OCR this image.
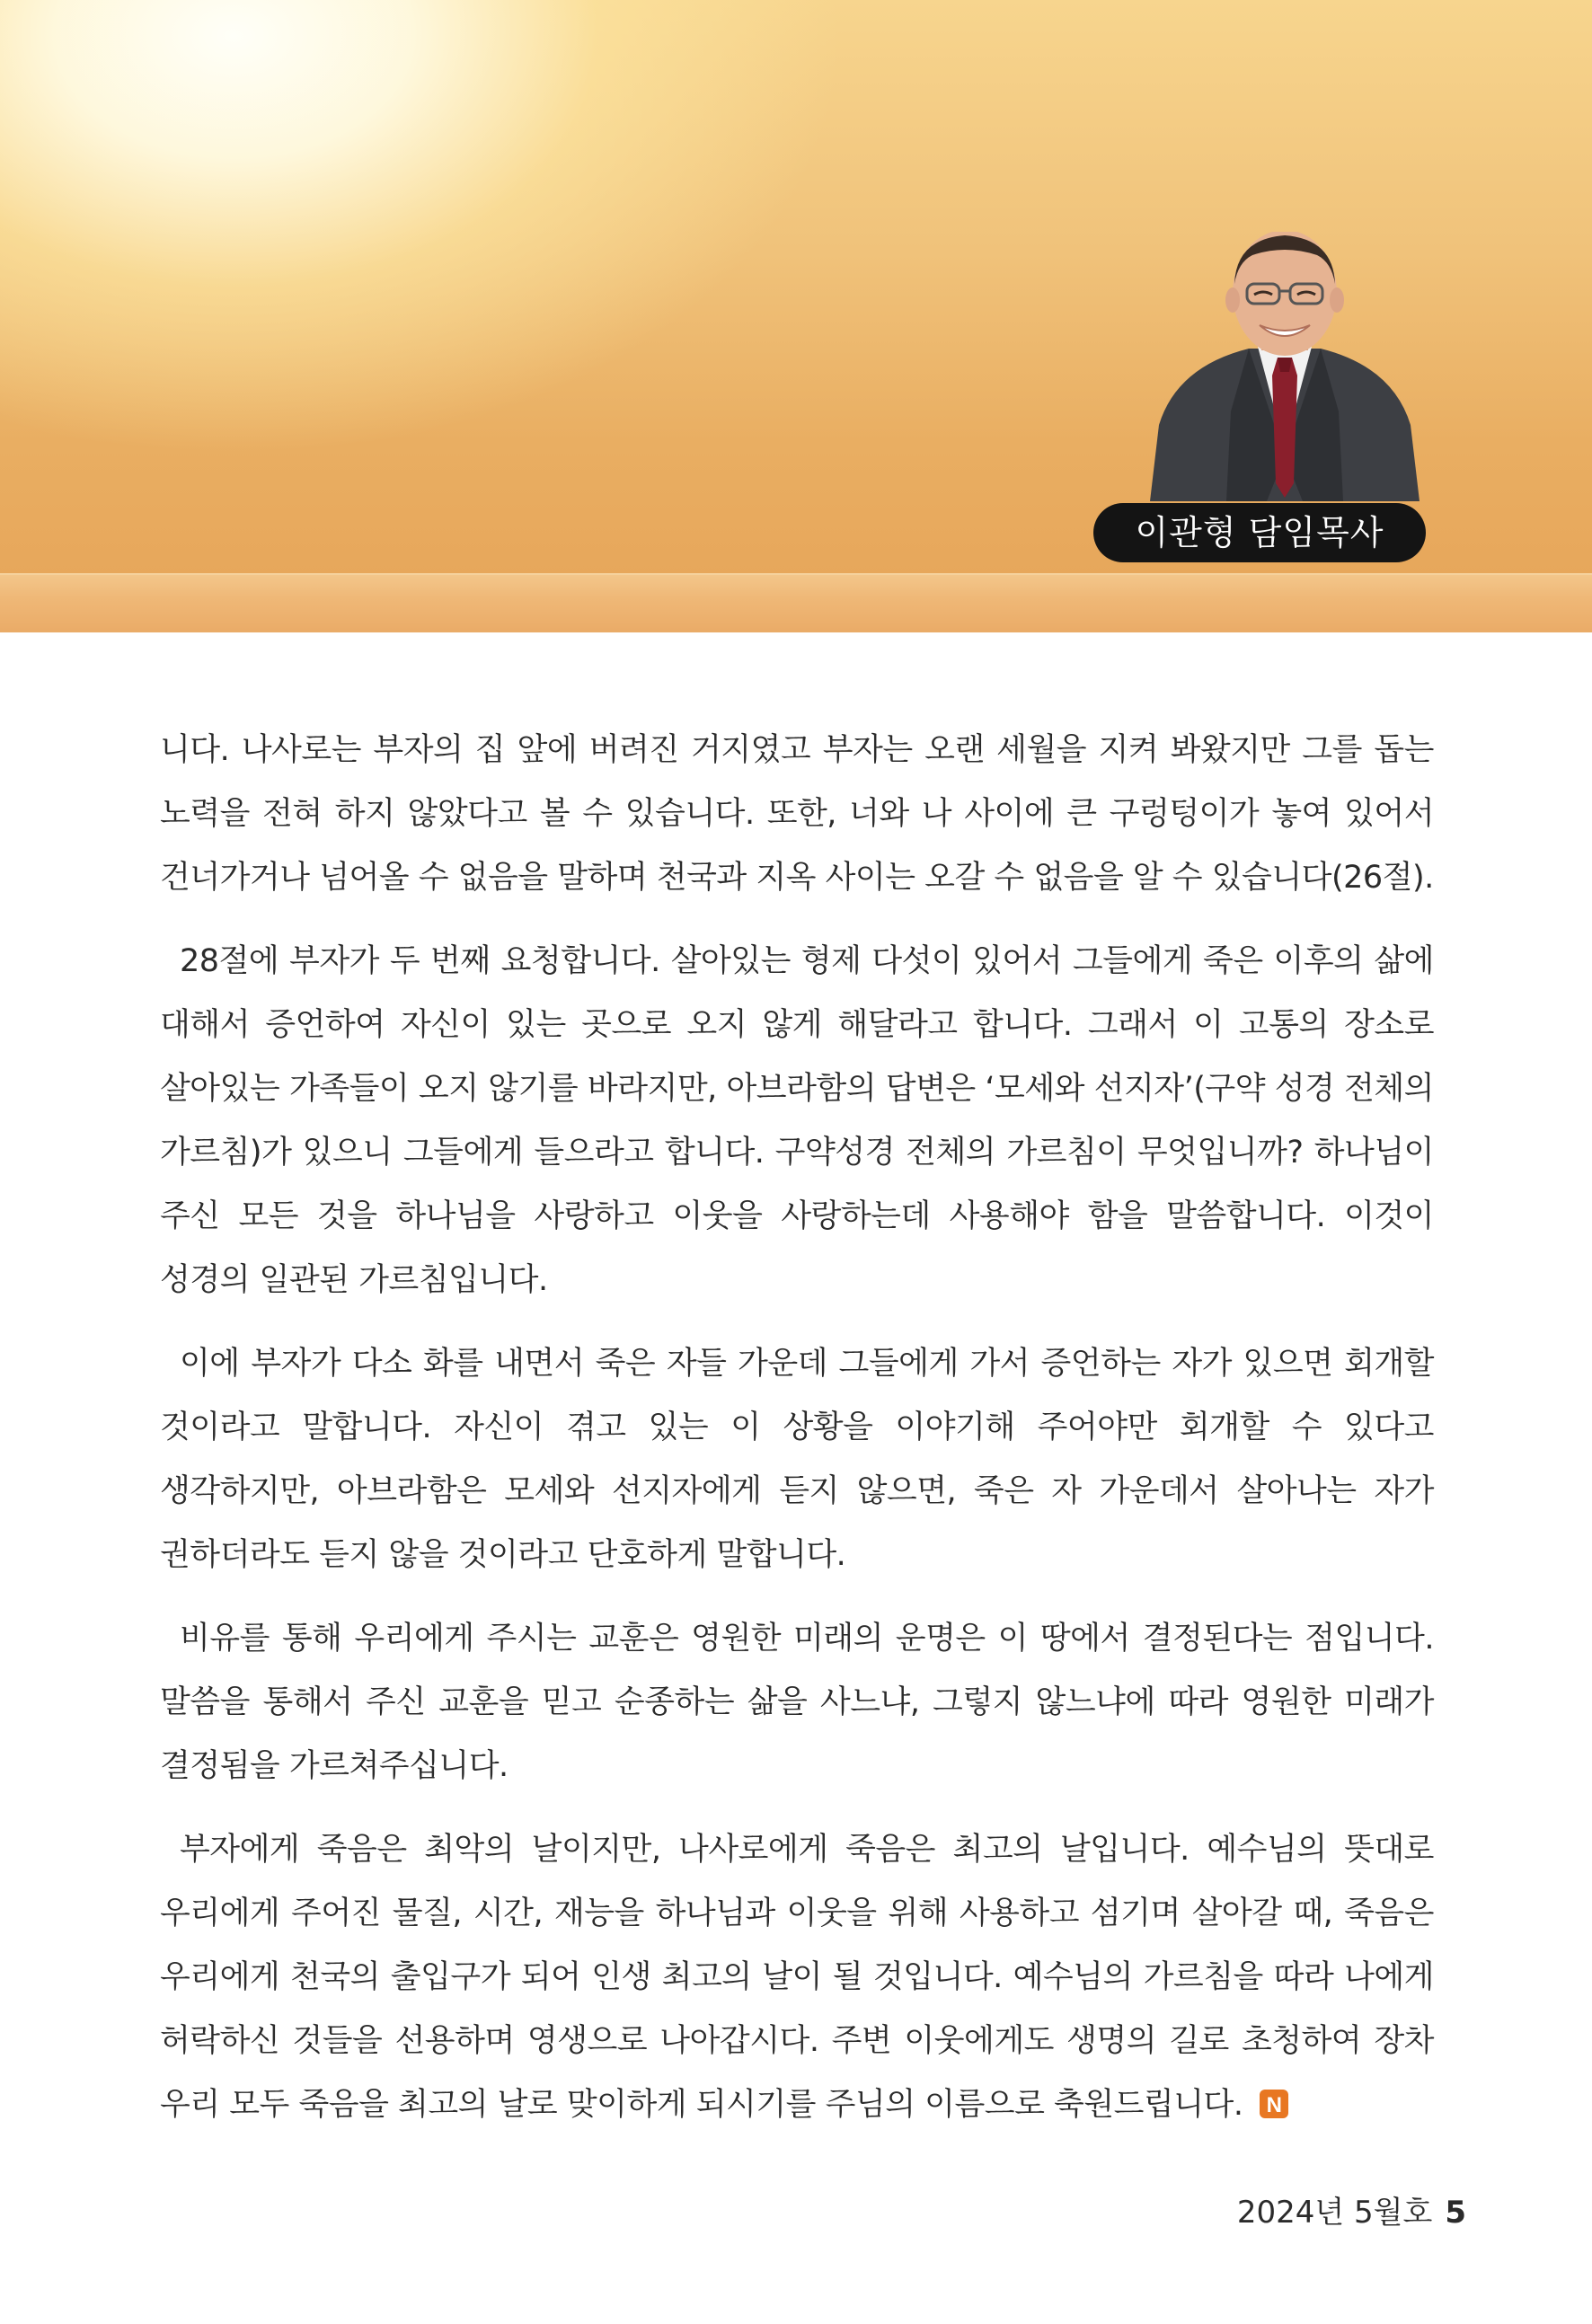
이관형 담임목사

니다. 나사로는 부자의 집 앞에 버려진 거지였고 부자는 오랜 세월을 지켜 봐왔지만 그를 돕는 노력을 전혀 하지 않았다고 볼 수 있습니다. 또한, 너와 나 사이에 큰 구렁텅이가 놓여 있어서 건너가거나 넘어올 수 없음을 말하며 천국과 지옥 사이는 오갈 수 없음을 알 수 있습니다(26절).

28절에 부자가 두 번째 요청합니다. 살아있는 형제 다섯이 있어서 그들에게 죽은 이후의 삶에 대해서 증언하여 자신이 있는 곳으로 오지 않게 해달라고 합니다. 그래서 이 고통의 장소로 살아있는 가족들이 오지 않기를 바라지만, 아브라함의 답변은 ‘모세와 선지자’(구약 성경 전체의 가르침)가 있으니 그들에게 들으라고 합니다. 구약성경 전체의 가르침이 무엇입니까? 하나님이 주신 모든 것을 하나님을 사랑하고 이웃을 사랑하는데 사용해야 함을 말씀합니다. 이것이 성경의 일관된 가르침입니다.

이에 부자가 다소 화를 내면서 죽은 자들 가운데 그들에게 가서 증언하는 자가 있으면 회개할 것이라고 말합니다. 자신이 겪고 있는 이 상황을 이야기해 주어야만 회개할 수 있다고 생각하지만, 아브라함은 모세와 선지자에게 듣지 않으면, 죽은 자 가운데서 살아나는 자가 권하더라도 듣지 않을 것이라고 단호하게 말합니다.

비유를 통해 우리에게 주시는 교훈은 영원한 미래의 운명은 이 땅에서 결정된다는 점입니다. 말씀을 통해서 주신 교훈을 믿고 순종하는 삶을 사느냐, 그렇지 않느냐에 따라 영원한 미래가 결정됨을 가르쳐주십니다.

부자에게 죽음은 최악의 날이지만, 나사로에게 죽음은 최고의 날입니다. 예수님의 뜻대로 우리에게 주어진 물질, 시간, 재능을 하나님과 이웃을 위해 사용하고 섬기며 살아갈 때, 죽음은 우리에게 천국의 출입구가 되어 인생 최고의 날이 될 것입니다. 예수님의 가르침을 따라 나에게 허락하신 것들을 선용하며 영생으로 나아갑시다. 주변 이웃에게도 생명의 길로 초청하여 장차 우리 모두 죽음을 최고의 날로 맞이하게 되시기를 주님의 이름으로 축원드립니다. N

2024년 5월호 5
